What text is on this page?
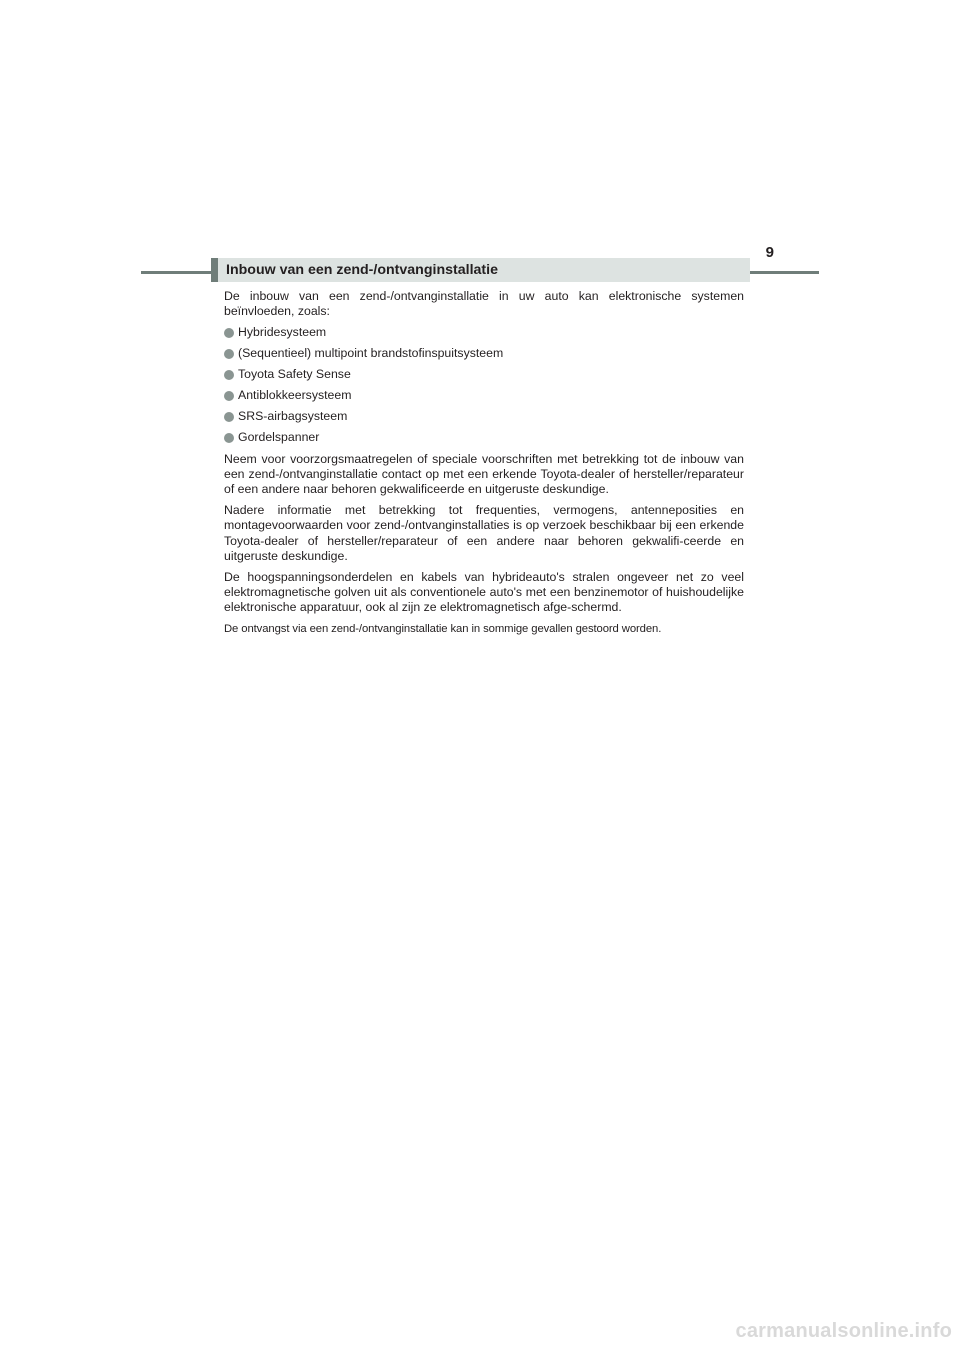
9
Inbouw van een zend-/ontvanginstallatie

De inbouw van een zend-/ontvanginstallatie in uw auto kan elektronische systemen beïnvloeden, zoals:

Hybridesysteem
(Sequentieel) multipoint brandstofinspuitsysteem
Toyota Safety Sense
Antiblokkeersysteem
SRS-airbagsysteem
Gordelspanner

Neem voor voorzorgsmaatregelen of speciale voorschriften met betrekking tot de inbouw van een zend-/ontvanginstallatie contact op met een erkende Toyota-dealer of hersteller/reparateur of een andere naar behoren gekwalificeerde en uitgeruste deskundige.

Nadere informatie met betrekking tot frequenties, vermogens, antenneposities en montagevoorwaarden voor zend-/ontvanginstallaties is op verzoek beschikbaar bij een erkende Toyota-dealer of hersteller/reparateur of een andere naar behoren gekwalifi-ceerde en uitgeruste deskundige.

De hoogspanningsonderdelen en kabels van hybrideauto's stralen ongeveer net zo veel elektromagnetische golven uit als conventionele auto's met een benzinemotor of huishoudelijke elektronische apparatuur, ook al zijn ze elektromagnetisch afge-schermd.

De ontvangst via een zend-/ontvanginstallatie kan in sommige gevallen gestoord worden.

carmanualsonline.info
